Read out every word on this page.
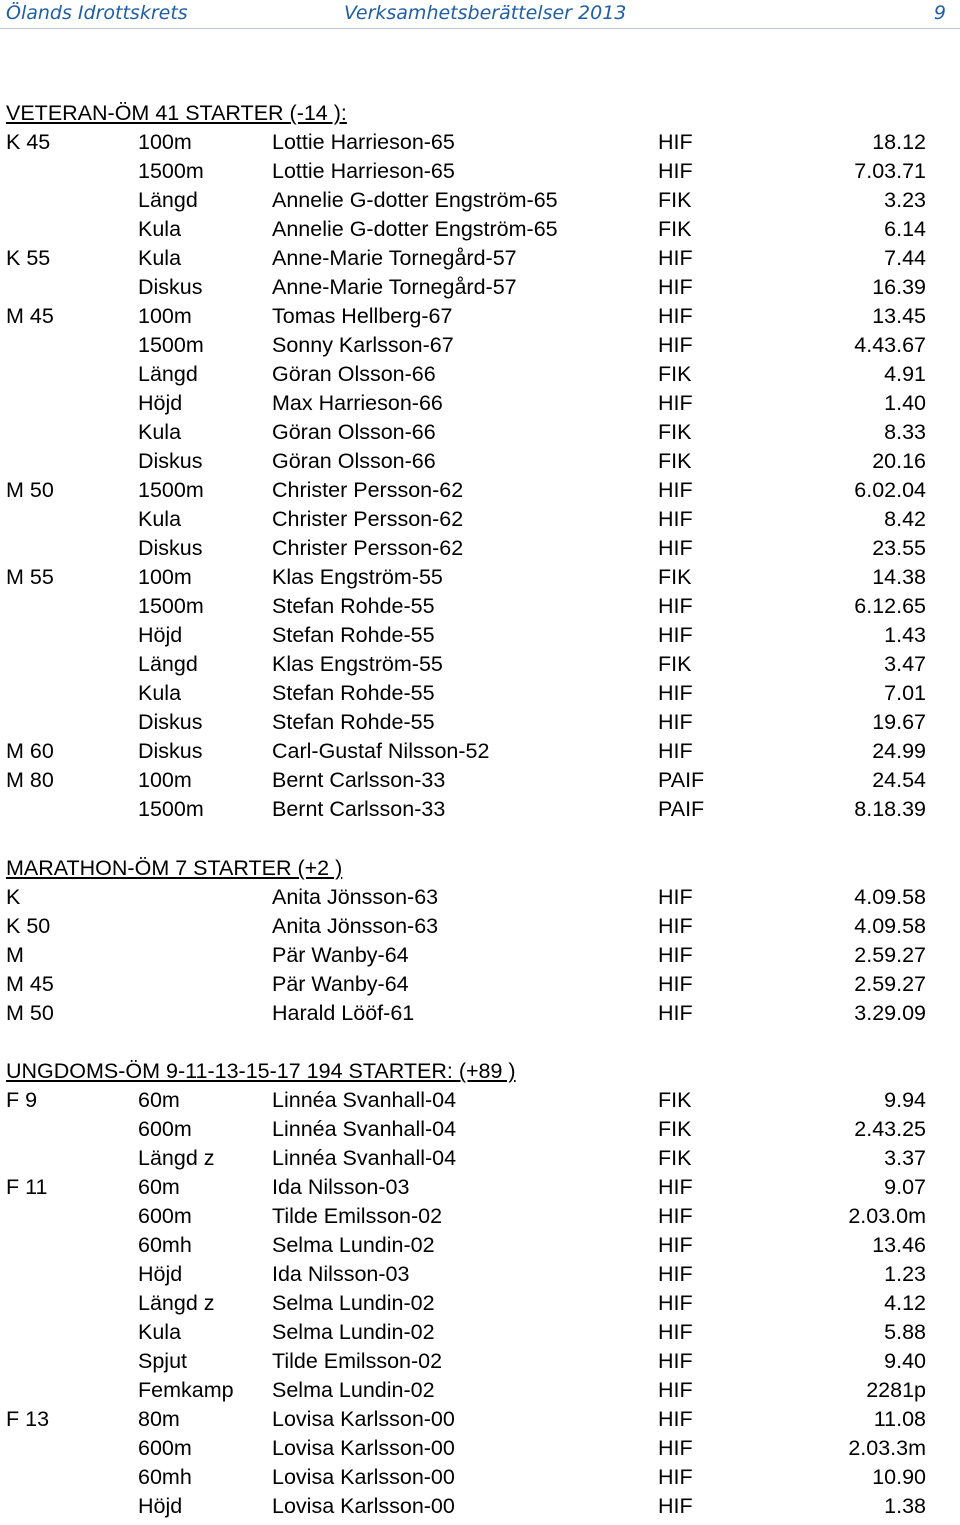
Ölands Idrottskrets	Verksamhetsberättelser 2013	9
VETERAN-ÖM 41 STARTER (-14 ):
K 45	100m	Lottie Harrieson-65	HIF	18.12
1500m	Lottie Harrieson-65	HIF	7.03.71
Längd	Annelie G-dotter Engström-65	FIK	3.23
Kula	Annelie G-dotter Engström-65	FIK	6.14
K 55	Kula	Anne-Marie Tornegård-57	HIF	7.44
Diskus	Anne-Marie Tornegård-57	HIF	16.39
M 45	100m	Tomas Hellberg-67	HIF	13.45
1500m	Sonny Karlsson-67	HIF	4.43.67
Längd	Göran Olsson-66	FIK	4.91
Höjd	Max Harrieson-66	HIF	1.40
Kula	Göran Olsson-66	FIK	8.33
Diskus	Göran Olsson-66	FIK	20.16
M 50	1500m	Christer Persson-62	HIF	6.02.04
Kula	Christer Persson-62	HIF	8.42
Diskus	Christer Persson-62	HIF	23.55
M 55	100m	Klas Engström-55	FIK	14.38
1500m	Stefan Rohde-55	HIF	6.12.65
Höjd	Stefan Rohde-55	HIF	1.43
Längd	Klas Engström-55	FIK	3.47
Kula	Stefan Rohde-55	HIF	7.01
Diskus	Stefan Rohde-55	HIF	19.67
M 60	Diskus	Carl-Gustaf Nilsson-52	HIF	24.99
M 80	100m	Bernt Carlsson-33	PAIF	24.54
1500m	Bernt Carlsson-33	PAIF	8.18.39
MARATHON-ÖM 7 STARTER (+2 )
K	Anita Jönsson-63	HIF	4.09.58
K 50	Anita Jönsson-63	HIF	4.09.58
M	Pär Wanby-64	HIF	2.59.27
M 45	Pär Wanby-64	HIF	2.59.27
M 50	Harald Lööf-61	HIF	3.29.09
UNGDOMS-ÖM 9-11-13-15-17 194 STARTER: (+89 )
F 9	60m	Linnéa Svanhall-04	FIK	9.94
600m	Linnéa Svanhall-04	FIK	2.43.25
Längd z	Linnéa Svanhall-04	FIK	3.37
F 11	60m	Ida Nilsson-03	HIF	9.07
600m	Tilde Emilsson-02	HIF	2.03.0m
60mh	Selma Lundin-02	HIF	13.46
Höjd	Ida Nilsson-03	HIF	1.23
Längd z	Selma Lundin-02	HIF	4.12
Kula	Selma Lundin-02	HIF	5.88
Spjut	Tilde Emilsson-02	HIF	9.40
Femkamp Selma Lundin-02	HIF	2281p
F 13	80m	Lovisa Karlsson-00	HIF	11.08
600m	Lovisa Karlsson-00	HIF	2.03.3m
60mh	Lovisa Karlsson-00	HIF	10.90
Höjd	Lovisa Karlsson-00	HIF	1.38
